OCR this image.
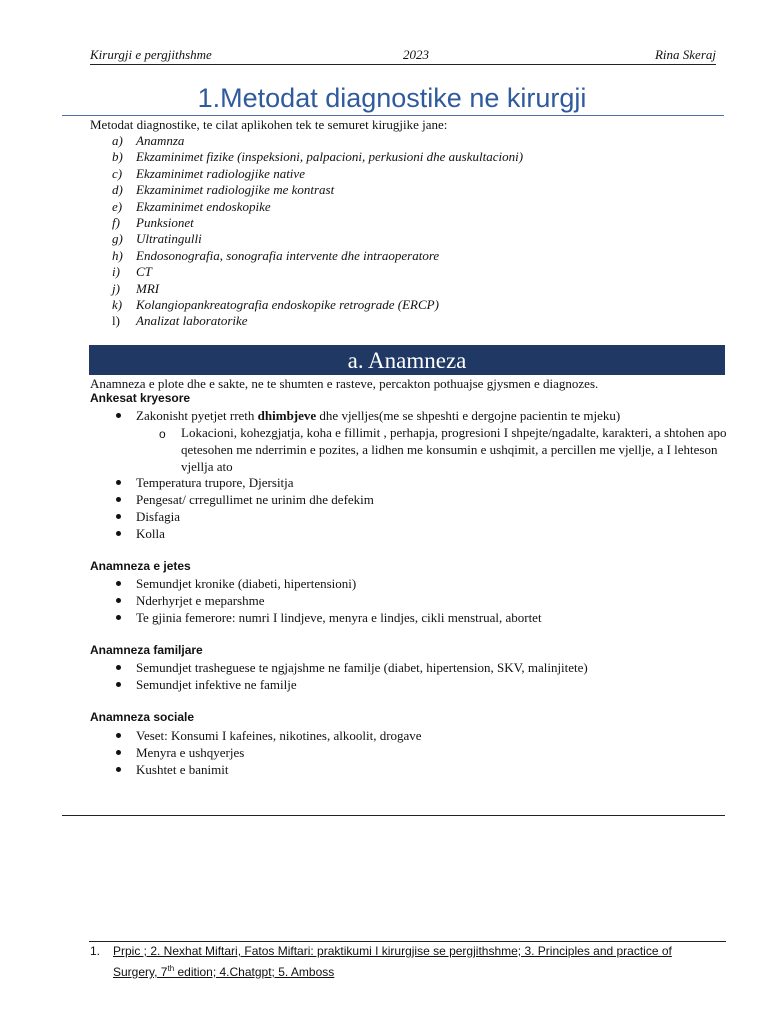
Kirurgji e pergjithshme	2023	Rina Skeraj
1.Metodat diagnostike ne kirurgji
Metodat diagnostike, te cilat aplikohen tek te semuret kirugjike jane:
a) Anamnza
b) Ekzaminimet fizike (inspeksioni, palpacioni, perkusioni dhe auskultacioni)
c) Ekzaminimet radiologjike native
d) Ekzaminimet radiologjike me kontrast
e) Ekzaminimet endoskopike
f) Punksionet
g) Ultratingulli
h) Endosonografia, sonografia intervente dhe intraoperatore
i) CT
j) MRI
k) Kolangiopankreatografia endoskopike retrograde (ERCP)
l) Analizat laboratorike
a. Anamneza
Anamneza e plote dhe e sakte, ne te shumten e rasteve, percakton pothuajse gjysmen e diagnozes.
Ankesat kryesore
Zakonisht pyetjet rreth dhimbjeve dhe vjelljes(me se shpeshti e dergojne pacientin te mjeku)
o Lokacioni, kohezgjatja, koha e fillimit , perhapja, progresioni I shpejte/ngadalte, karakteri, a shtohen apo qetesohen me nderrimin e pozites, a lidhen me konsumin e ushqimit, a percillen me vjellje, a I lehteson vjellja ato
Temperatura trupore, Djersitja
Pengesat/ crregullimet ne urinim dhe defekim
Disfagia
Kolla
Anamneza e jetes
Semundjet kronike (diabeti, hipertensioni)
Nderhyrjet e meparshme
Te gjinia femerore: numri I lindjeve, menyra e lindjes, cikli menstrual, abortet
Anamneza familjare
Semundjet trasheguese te ngjajshme ne familje (diabet, hipertension, SKV, malinjitete)
Semundjet infektive ne familje
Anamneza sociale
Veset: Konsumi I kafeines, nikotines, alkoolit, drogave
Menyra e ushqyerjes
Kushtet e banimit
1. Prpic ; 2. Nexhat Miftari, Fatos Miftari: praktikumi I kirurgjise se pergjithshme; 3. Principles and practice of
Surgery, 7th edition; 4.Chatgpt; 5. Amboss
